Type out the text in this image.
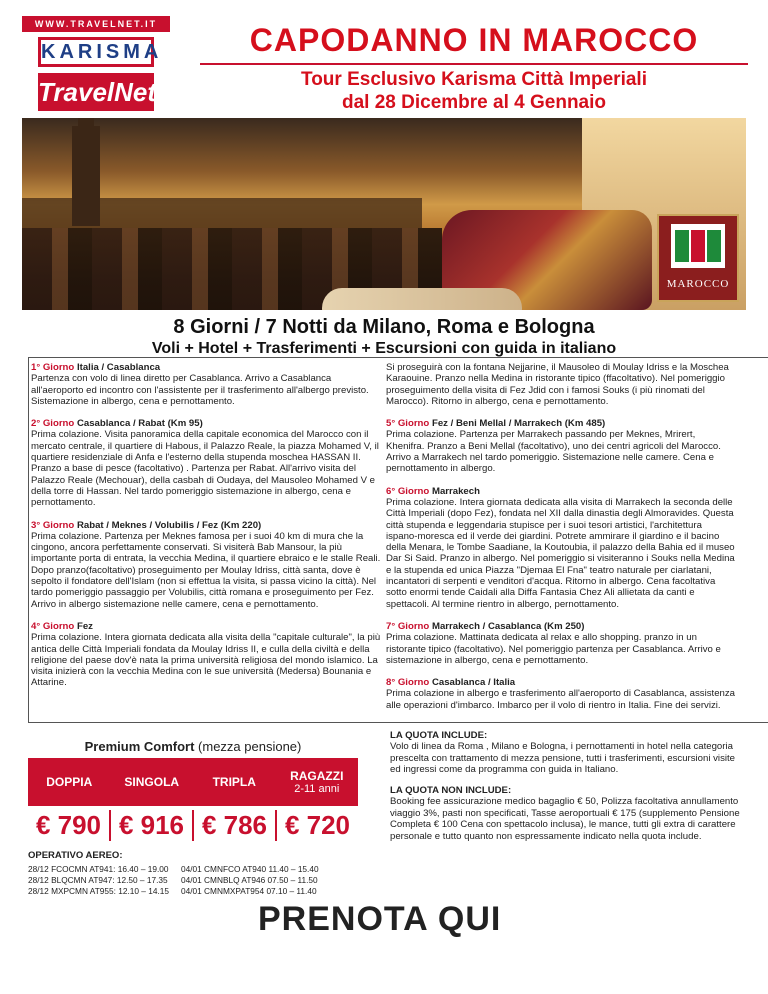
WWW.TRAVELNET.IT
KARISMA
TravelNet
CAPODANNO IN MAROCCO
Tour Esclusivo Karisma Città Imperiali
dal 28 Dicembre al 4 Gennaio
MAROCCO
8 Giorni / 7 Notti da Milano, Roma e Bologna
Voli + Hotel + Trasferimenti + Escursioni con guida in italiano
1° Giorno Italia / Casablanca
Partenza con volo di linea diretto per Casablanca. Arrivo a Casablanca all'aeroporto ed incontro con l'assistente per il trasferimento all'albergo previsto. Sistemazione in albergo, cena e pernottamento.
2° Giorno Casablanca / Rabat (Km 95)
Prima colazione. Visita panoramica della capitale economica del Marocco con il mercato centrale, il quartiere di Habous, il Palazzo Reale, la piazza Mohamed V, il quartiere residenziale di Anfa e l'esterno della stupenda moschea HASSAN II. Pranzo a base di pesce (facoltativo) . Partenza per Rabat. All'arrivo visita del Palazzo Reale (Mechouar), della casbah di Oudaya, del Mausoleo Mohamed V e della torre di Hassan. Nel tardo pomeriggio sistemazione in albergo, cena e pernottamento.
3° Giorno Rabat / Meknes / Volubilis / Fez (Km 220)
Prima colazione. Partenza per Meknes famosa per i suoi 40 km di mura che la cingono, ancora perfettamente conservati. Si visiterà Bab Mansour, la più importante porta di entrata, la vecchia Medina, il quartiere ebraico e le stalle Reali. Dopo pranzo(facoltativo) proseguimento per Moulay Idriss, città santa, dove è sepolto il fondatore dell'Islam (non si effettua la visita, si passa vicino la città). Nel tardo pomeriggio passaggio per Volubilis, città romana e proseguimento per Fez. Arrivo in albergo sistemazione nelle camere, cena e pernottamento.
4° Giorno Fez
Prima colazione. Intera giornata dedicata alla visita della "capitale culturale", la più antica delle Città Imperiali fondata da Moulay Idriss II, e culla della civiltà e della religione del paese dov'è nata la prima università religiosa del mondo islamico. La visita inizierà con la vecchia Medina con le sue università (Medersa) Bounania e Attarine.
Si proseguirà con la fontana Nejjarine, il Mausoleo di Moulay Idriss e la Moschea Karaouine. Pranzo nella Medina in ristorante tipico (ffacoltativo). Nel pomeriggio proseguimento della visita di Fez Jdid con i famosi Souks (i più rinomati del Marocco). Ritorno in albergo, cena e pernottamento.
5° Giorno Fez / Beni Mellal / Marrakech (Km 485)
Prima colazione. Partenza per Marrakech passando per Meknes, Mrirert, Khenifra. Pranzo a Beni Mellal (facoltativo), uno dei centri agricoli del Marocco. Arrivo a Marrakech nel tardo pomeriggio. Sistemazione nelle camere. Cena e pernottamento in albergo.
6° Giorno Marrakech
Prima colazione. Intera giornata dedicata alla visita di Marrakech la seconda delle Città Imperiali (dopo Fez), fondata nel XII dalla dinastia degli Almoravides. Questa città stupenda e leggendaria stupisce per i suoi tesori artistici, l'architettura ispano-moresca ed il verde dei giardini. Potrete ammirare il giardino e il bacino della Menara, le Tombe Saadiane, la Koutoubia, il palazzo della Bahia ed il museo Dar Si Said. Pranzo in albergo. Nel pomeriggio si visiteranno i Souks nella Medina e la stupenda ed unica Piazza "Djemaa El Fna" teatro naturale per ciarlatani, incantatori di serpenti e venditori d'acqua. Ritorno in albergo. Cena facoltativa sotto enormi tende Caidali alla Diffa Fantasia Chez Ali allietata da canti e spettacoli. Al termine rientro in albergo, pernottamento.
7° Giorno Marrakech / Casablanca (Km 250)
Prima colazione. Mattinata dedicata al relax e allo shopping. pranzo in un ristorante tipico (facoltativo). Nel pomeriggio partenza per Casablanca. Arrivo e sistemazione in albergo, cena e pernottamento.
8° Giorno Casablanca / Italia
Prima colazione in albergo e trasferimento all'aeroporto di Casablanca, assistenza alle operazioni d'imbarco. Imbarco per il volo di rientro in Italia. Fine dei servizi.
Premium Comfort (mezza pensione)
DOPPIA	SINGOLA	TRIPLA	RAGAZZI
2-11 anni
€ 790 € 916 € 786 € 720
OPERATIVO AEREO:
28/12 FCOCMN AT941: 16.40 – 19.00
28/12 BLQCMN AT947: 12.50 – 17.35
28/12 MXPCMN AT955: 12.10 – 14.15
04/01 CMNFCO AT940 11.40 – 15.40
04/01 CMNBLQ AT946 07.50 – 11.50
04/01 CMNMXPAT954 07.10 – 11.40
LA QUOTA INCLUDE:
Volo di linea da Roma , Milano e Bologna, i pernottamenti in hotel nella categoria prescelta con trattamento di mezza pensione, tutti i trasferimenti, escursioni visite ed ingressi come da programma con guida in Italiano.
LA QUOTA NON INCLUDE:
Booking fee assicurazione medico bagaglio € 50, Polizza facoltativa annullamento viaggio 3%, pasti non specificati, Tasse aeroportuali € 175 (supplemento Pensione Completa € 100 Cena con spettacolo inclusa), le mance, tutti gli extra di carattere personale e tutto quanto non espressamente indicato nella quota include.
PRENOTA QUI
